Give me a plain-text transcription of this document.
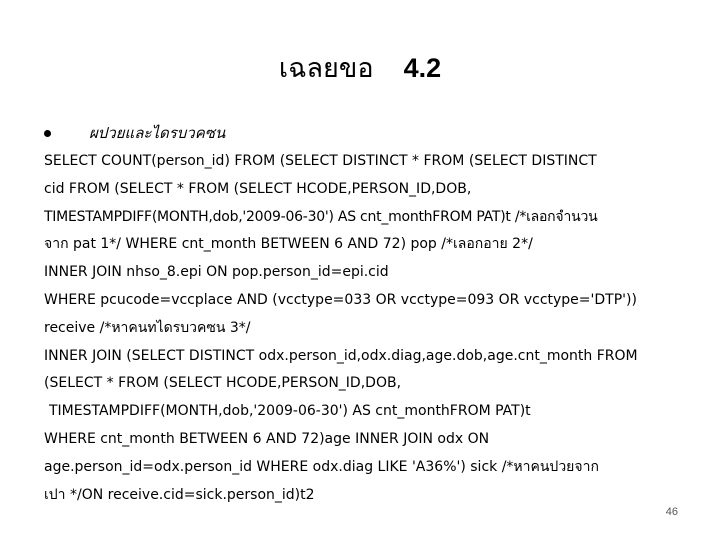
เฉลยขอ 4.2
ผปวยและไดรบวคซน
SELECT COUNT(person_id) FROM (SELECT DISTINCT * FROM (SELECT DISTINCT
cid FROM (SELECT * FROM (SELECT HCODE,PERSON_ID,DOB,
TIMESTAMPDIFF(MONTH,dob,'2009-06-30') AS cnt_monthFROM PAT)t /*เลอกจำนวน
จาก pat 1*/ WHERE cnt_month BETWEEN 6 AND 72) pop /*เลอกอาย 2*/
INNER JOIN nhso_8.epi ON pop.person_id=epi.cid
WHERE pcucode=vccplace AND (vcctype=033 OR vcctype=093 OR vcctype='DTP'))
receive /*หาคนทไดรบวคซน 3*/
INNER JOIN (SELECT DISTINCT odx.person_id,odx.diag,age.dob,age.cnt_month FROM
(SELECT * FROM (SELECT HCODE,PERSON_ID,DOB,
TIMESTAMPDIFF(MONTH,dob,'2009-06-30') AS cnt_monthFROM PAT)t
WHERE cnt_month BETWEEN 6 AND 72)age INNER JOIN odx ON
age.person_id=odx.person_id WHERE odx.diag LIKE 'A36%') sick /*หาคนปวยจาก
เปา */ON receive.cid=sick.person_id)t2
46
